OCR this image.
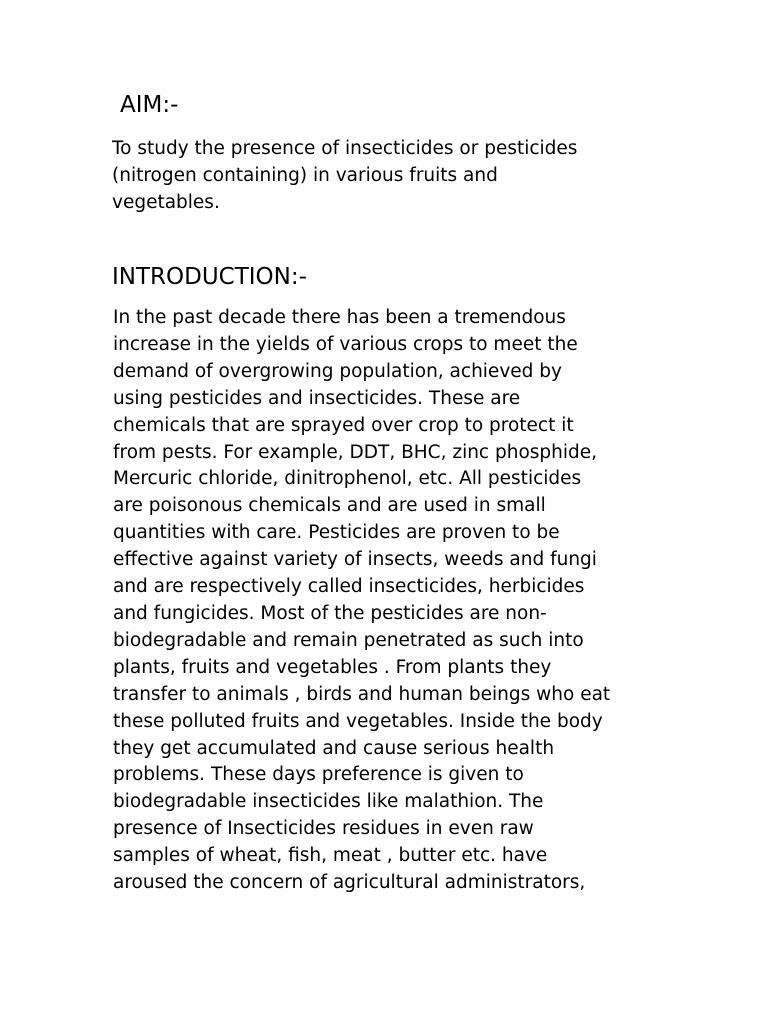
AIM:-

To study the presence of insecticides or pesticides
(nitrogen containing) in various fruits and
vegetables.

INTRODUCTION:-

In the past decade there has been a tremendous
increase in the yields of various crops to meet the
demand of overgrowing population, achieved by
using pesticides and insecticides. These are
chemicals that are sprayed over crop to protect it
from pests. For example, DDT, BHC, zinc phosphide,
Mercuric chloride, dinitrophenol, etc. All pesticides
are poisonous chemicals and are used in small
quantities with care. Pesticides are proven to be
effective against variety of insects, weeds and fungi
and are respectively called insecticides, herbicides
and fungicides. Most of the pesticides are non-
biodegradable and remain penetrated as such into
plants, fruits and vegetables . From plants they
transfer to animals , birds and human beings who eat
these polluted fruits and vegetables. Inside the body
they get accumulated and cause serious health
problems. These days preference is given to
biodegradable insecticides like malathion. The
presence of Insecticides residues in even raw
samples of wheat, fish, meat , butter etc. have
aroused the concern of agricultural administrators,
